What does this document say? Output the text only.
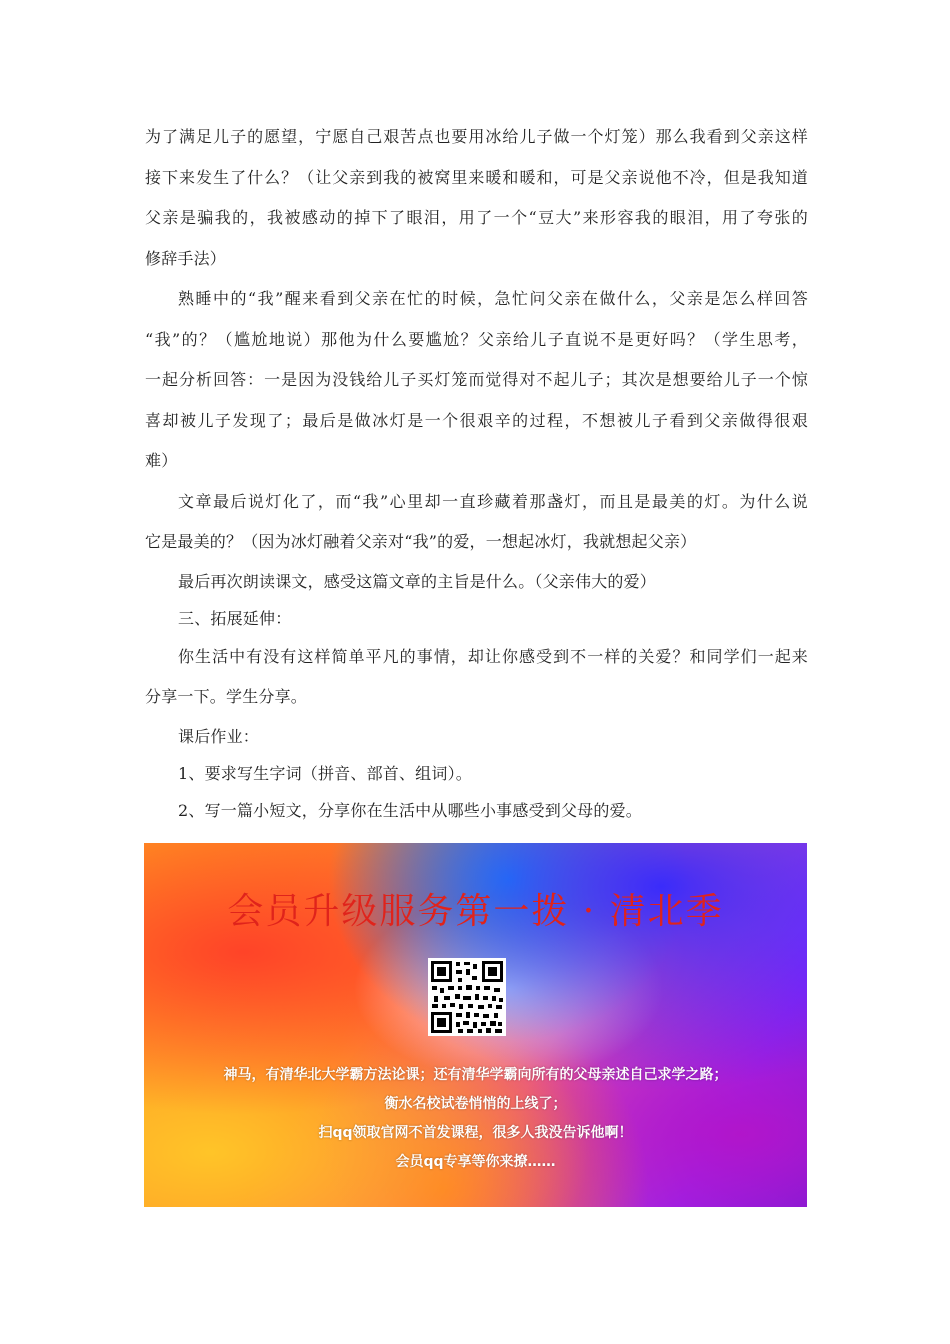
为了满足儿子的愿望，宁愿自己艰苦点也要用冰给儿子做一个灯笼）那么我看到父亲这样
接下来发生了什么？（让父亲到我的被窝里来暖和暖和，可是父亲说他不冷，但是我知道
父亲是骗我的，我被感动的掉下了眼泪，用了一个“豆大”来形容我的眼泪，用了夸张的
修辞手法）
熟睡中的“我”醒来看到父亲在忙的时候，急忙问父亲在做什么，父亲是怎么样回答
“我”的？（尴尬地说）那他为什么要尴尬？父亲给儿子直说不是更好吗？（学生思考，
一起分析回答：一是因为没钱给儿子买灯笼而觉得对不起儿子；其次是想要给儿子一个惊
喜却被儿子发现了；最后是做冰灯是一个很艰辛的过程，不想被儿子看到父亲做得很艰
难）
文章最后说灯化了，而“我”心里却一直珍藏着那盏灯，而且是最美的灯。为什么说
它是最美的？（因为冰灯融着父亲对“我”的爱，一想起冰灯，我就想起父亲）
最后再次朗读课文，感受这篇文章的主旨是什么。（父亲伟大的爱）
三、拓展延伸：
你生活中有没有这样简单平凡的事情，却让你感受到不一样的关爱？和同学们一起来
分享一下。学生分享。
课后作业：
1、要求写生字词（拼音、部首、组词）。
2、写一篇小短文，分享你在生活中从哪些小事感受到父母的爱。
会员升级服务第一拨 · 清北季
神马，有清华北大学霸方法论课；还有清华学霸向所有的父母亲述自己求学之路；
衡水名校试卷悄悄的上线了；
扫qq领取官网不首发课程，很多人我没告诉他啊！
会员qq专享等你来撩……
